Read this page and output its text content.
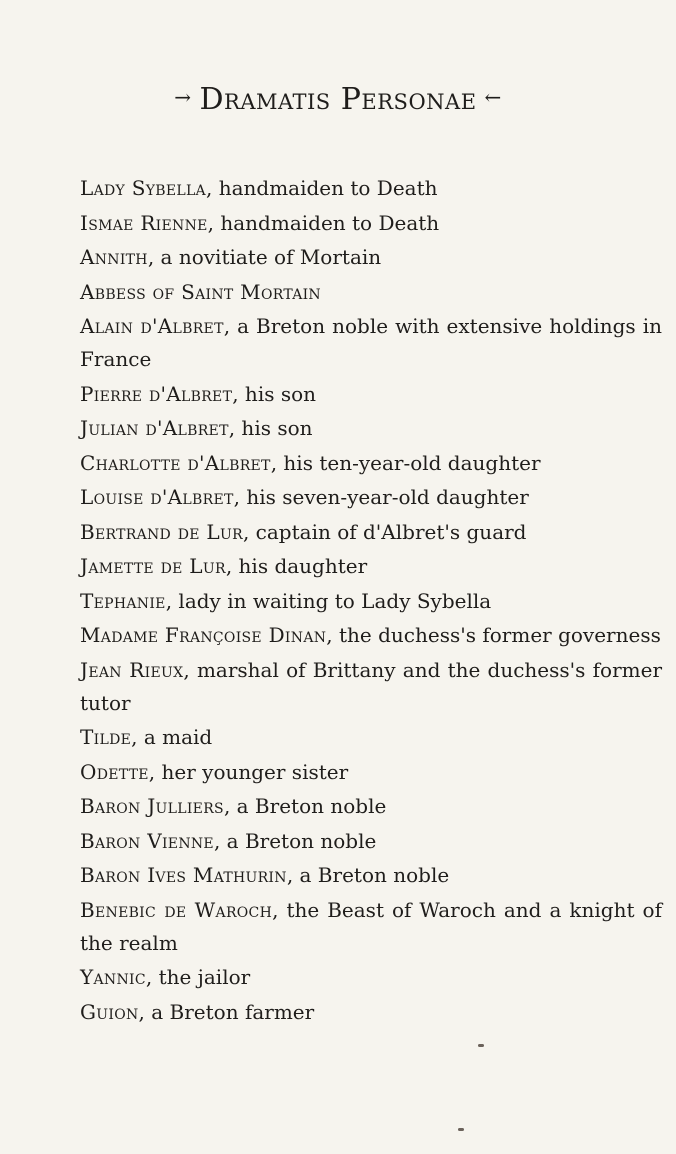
→ Dramatis Personae ←
Lady Sybella, handmaiden to Death
Ismae Rienne, handmaiden to Death
Annith, a novitiate of Mortain
Abbess of Saint Mortain
Alain d'Albret, a Breton noble with extensive holdings in France
Pierre d'Albret, his son
Julian d'Albret, his son
Charlotte d'Albret, his ten-year-old daughter
Louise d'Albret, his seven-year-old daughter
Bertrand de Lur, captain of d'Albret's guard
Jamette de Lur, his daughter
Tephanie, lady in waiting to Lady Sybella
Madame Françoise Dinan, the duchess's former governess
Jean Rieux, marshal of Brittany and the duchess's former tutor
Tilde, a maid
Odette, her younger sister
Baron Julliers, a Breton noble
Baron Vienne, a Breton noble
Baron Ives Mathurin, a Breton noble
Benebic de Waroch, the Beast of Waroch and a knight of the realm
Yannic, the jailor
Guion, a Breton farmer
